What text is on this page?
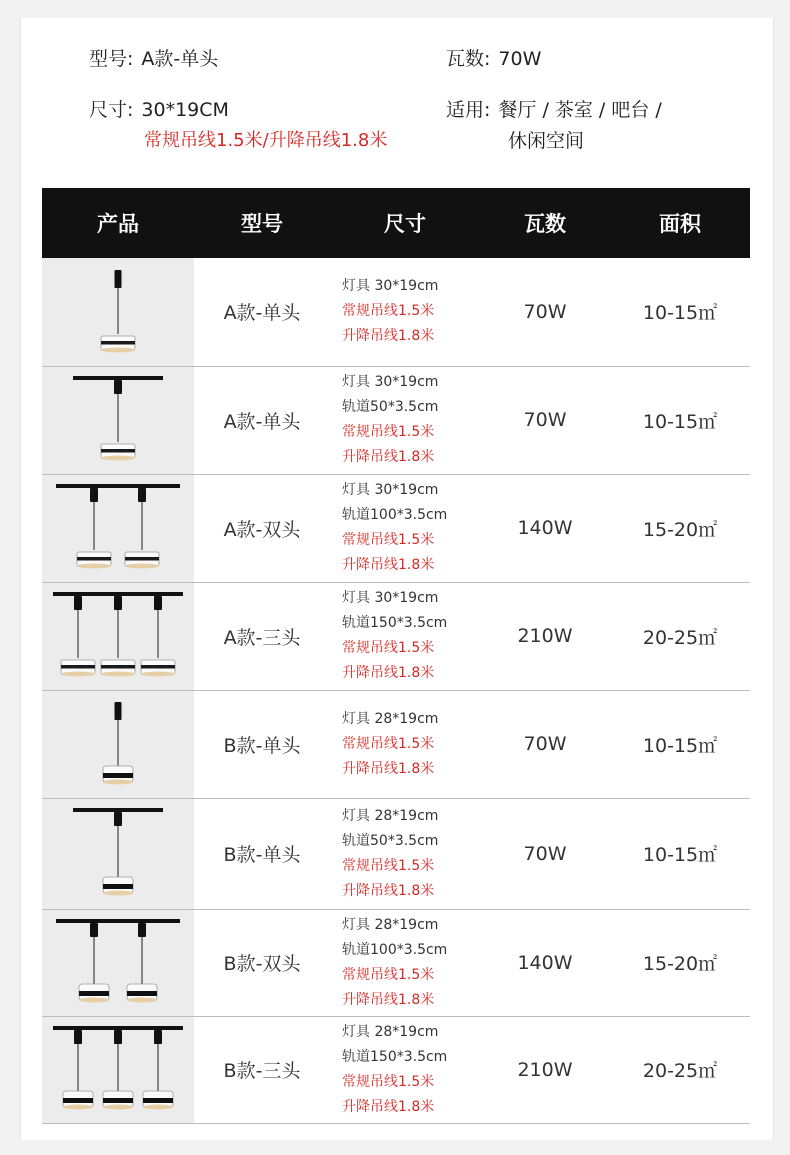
型号: A款-单头	瓦数: 70W
尺寸: 30*19CM
常规吊线1.5米/升降吊线1.8米
适用: 餐厅 / 茶室 / 吧台 /
休闲空间
产品	型号	尺寸	瓦数	面积

	A款-单头	灯具 30*19cm
常规吊线1.5米
升降吊线1.8米	70W	10-15㎡

	A款-单头	灯具 30*19cm
轨道50*3.5cm
常规吊线1.5米
升降吊线1.8米	70W	10-15㎡

	A款-双头	灯具 30*19cm
轨道100*3.5cm
常规吊线1.5米
升降吊线1.8米	140W	15-20㎡

	A款-三头	灯具 30*19cm
轨道150*3.5cm
常规吊线1.5米
升降吊线1.8米	210W	20-25㎡

	B款-单头	灯具 28*19cm
常规吊线1.5米
升降吊线1.8米	70W	10-15㎡

	B款-单头	灯具 28*19cm
轨道50*3.5cm
常规吊线1.5米
升降吊线1.8米	70W	10-15㎡

	B款-双头	灯具 28*19cm
轨道100*3.5cm
常规吊线1.5米
升降吊线1.8米	140W	15-20㎡

	B款-三头	灯具 28*19cm
轨道150*3.5cm
常规吊线1.5米
升降吊线1.8米	210W	20-25㎡
